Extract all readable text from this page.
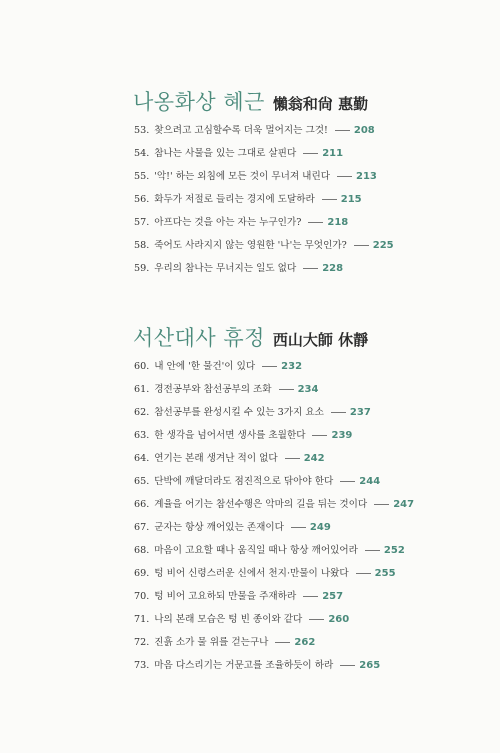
나옹화상 혜근 懶翁和尙 惠勤
53. 찾으려고 고심할수록 더욱 멀어지는 그것!	208
54. 참나는 사물을 있는 그대로 살핀다	211
55. '악!' 하는 외침에 모든 것이 무너져 내린다	213
56. 화두가 저절로 들리는 경지에 도달하라	215
57. 아프다는 것을 아는 자는 누구인가?	218
58. 죽어도 사라지지 않는 영원한 '나'는 무엇인가?	225
59. 우리의 참나는 무너지는 일도 없다	228
서산대사 휴정 西山大師 休靜
60. 내 안에 '한 물건'이 있다	232
61. 경전공부와 참선공부의 조화	234
62. 참선공부를 완성시킬 수 있는 3가지 요소	237
63. 한 생각을 넘어서면 생사를 초월한다	239
64. 연기는 본래 생겨난 적이 없다	242
65. 단박에 깨달더라도 점진적으로 닦아야 한다	244
66. 계율을 어기는 참선수행은 악마의 길을 뒤는 것이다	247
67. 군자는 항상 깨어있는 존재이다	249
68. 마음이 고요할 때나 움직일 때나 항상 깨어있어라	252
69. 텅 비어 신령스러운 신에서 천지·만물이 나왔다	255
70. 텅 비어 고요하되 만물을 주재하라	257
71. 나의 본래 모습은 텅 빈 종이와 같다	260
72. 진흙 소가 물 위를 걷는구나	262
73. 마음 다스리기는 거문고를 조율하듯이 하라	265
